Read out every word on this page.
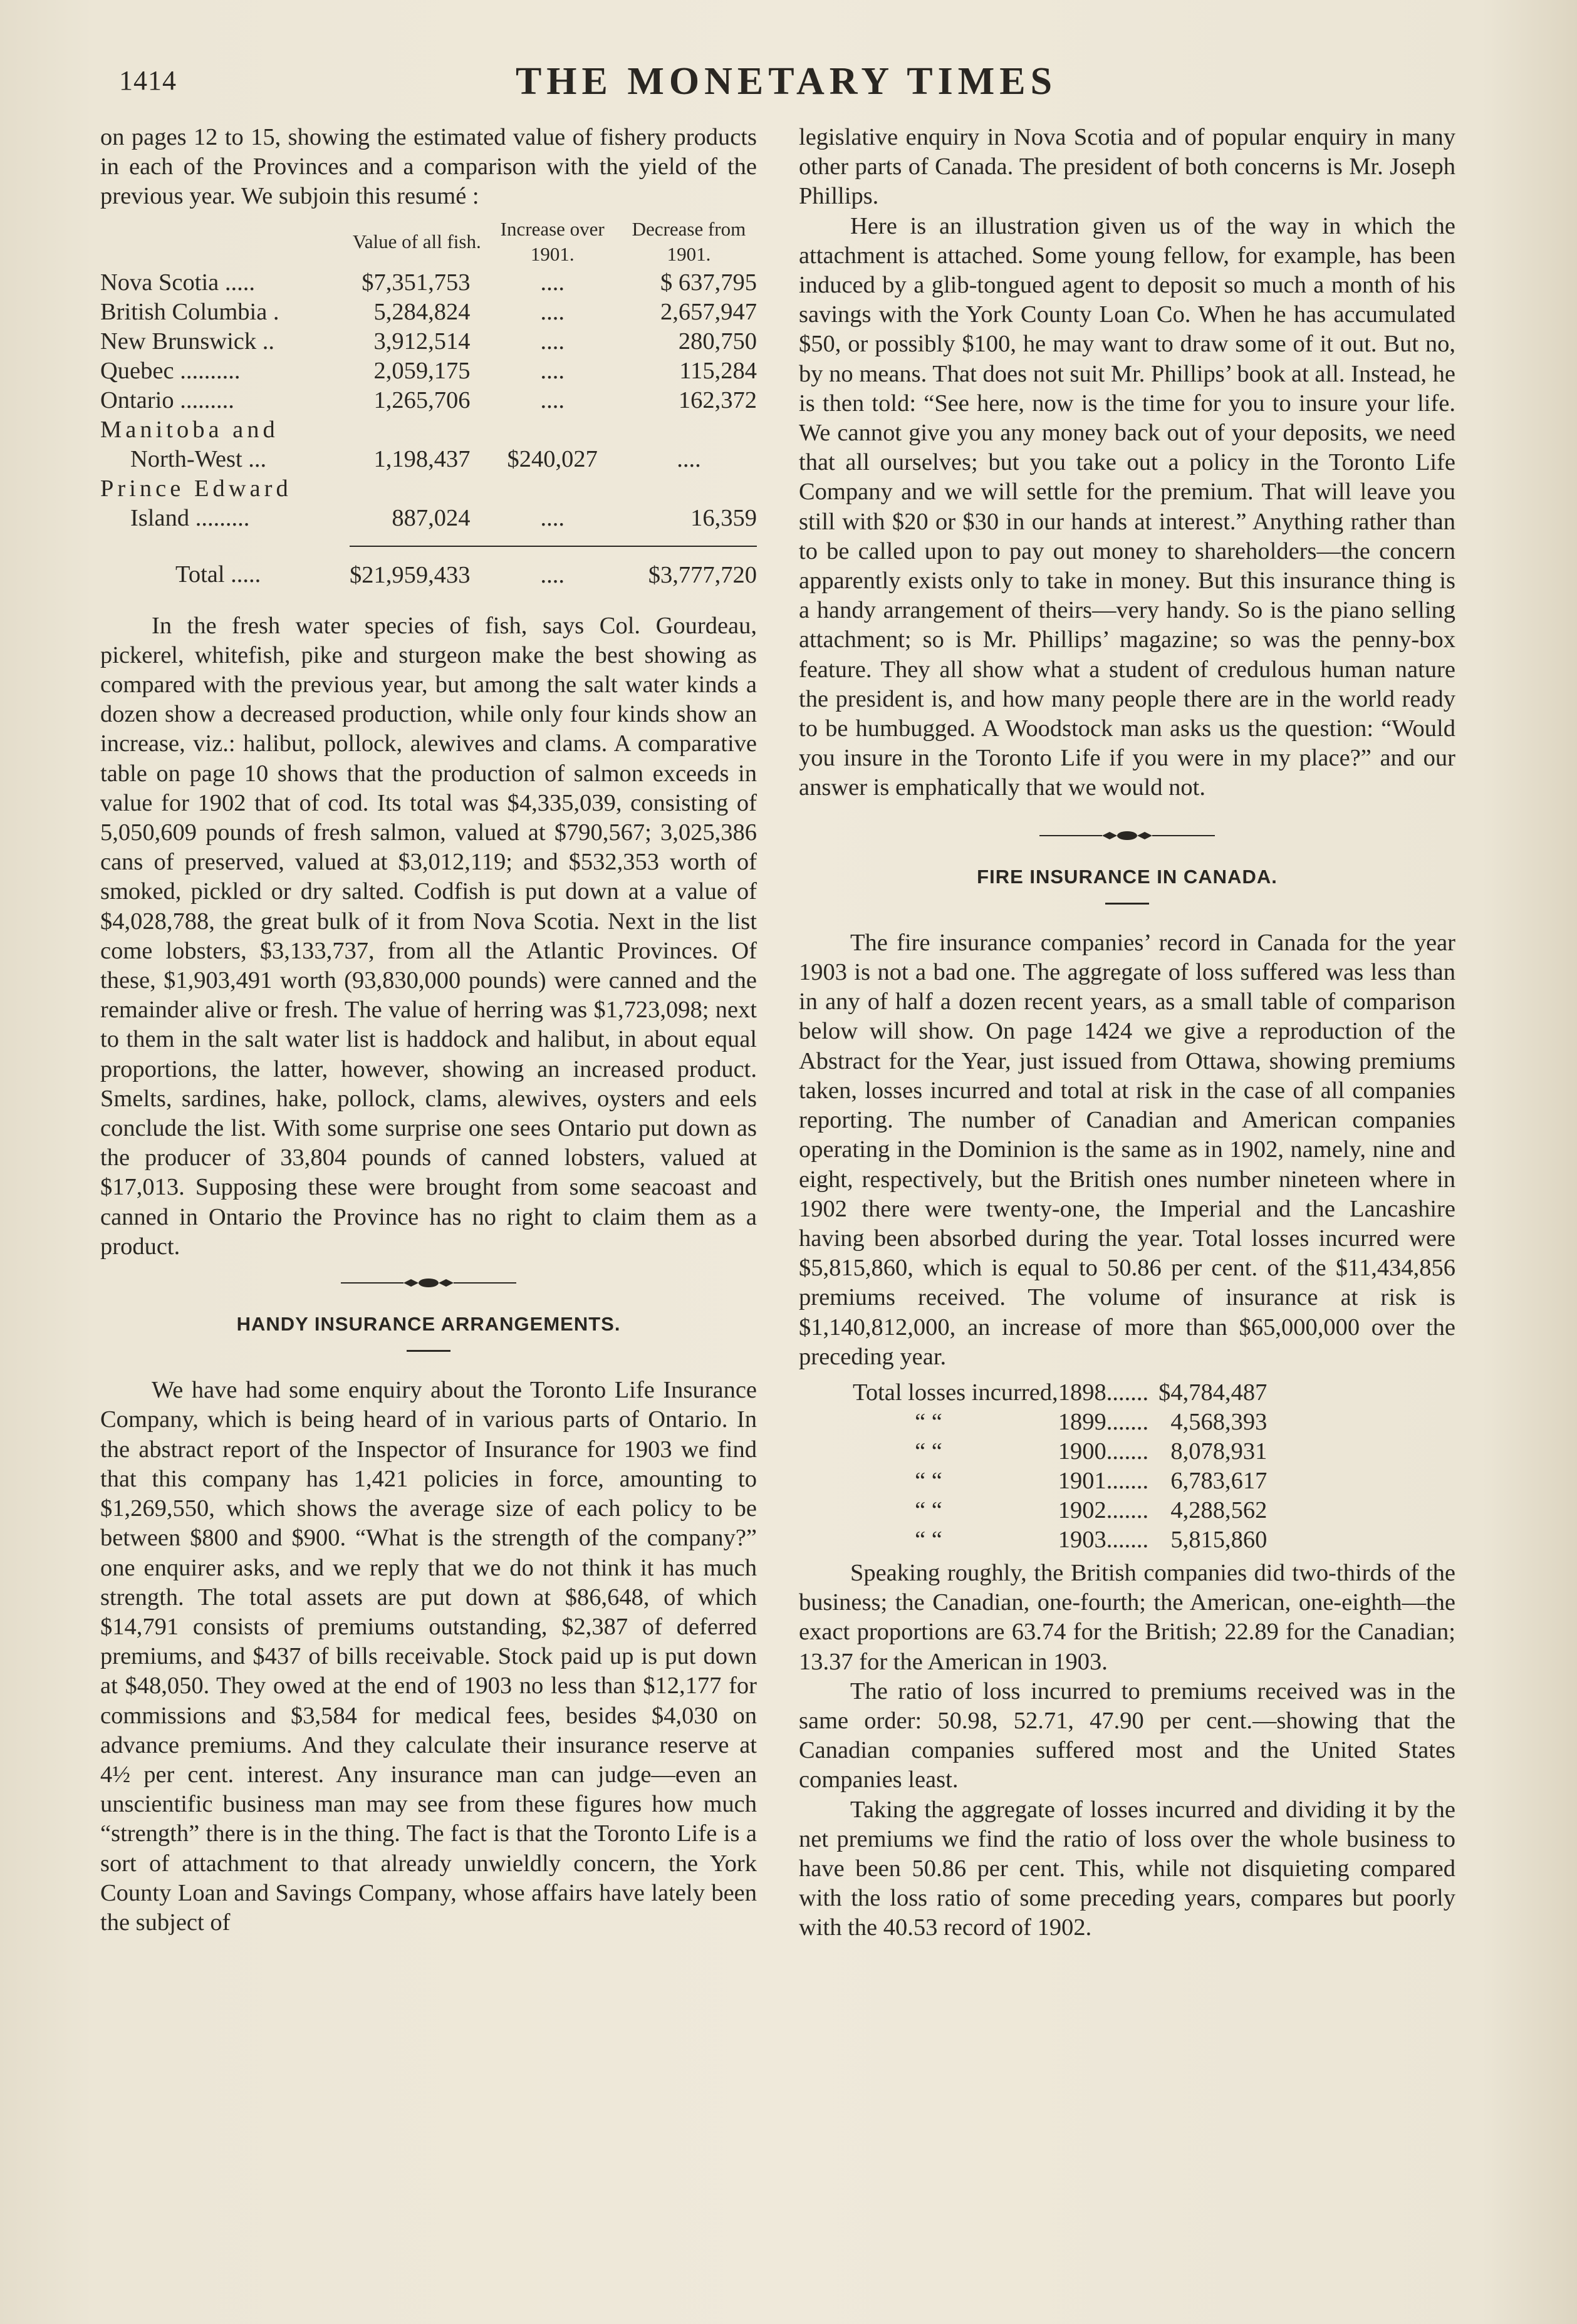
1414	THE MONETARY TIMES

on pages 12 to 15, showing the estimated value of fishery products in each of the Provinces and a comparison with the yield of the previous year. We subjoin this resumé :

	Value of all fish.	Increase over 1901.	Decrease from 1901.
Nova Scotia .....	$7,351,753	....	$ 637,795
British Columbia .	5,284,824	....	2,657,947
New Brunswick ..	3,912,514	....	280,750
Quebec ..........	2,059,175	....	115,284
Ontario .........	1,265,706	....	162,372
Manitoba and			
North-West ...	1,198,437	$240,027	....
Prince Edward			
Island .........	887,024	....	16,359

Total .....	$21,959,433	....	$3,777,720

In the fresh water species of fish, says Col. Gourdeau, pickerel, whitefish, pike and sturgeon make the best showing as compared with the previous year, but among the salt water kinds a dozen show a decreased production, while only four kinds show an increase, viz.: halibut, pollock, alewives and clams. A comparative table on page 10 shows that the production of salmon exceeds in value for 1902 that of cod. Its total was $4,335,039, consisting of 5,050,609 pounds of fresh salmon, valued at $790,567; 3,025,386 cans of preserved, valued at $3,012,119; and $532,353 worth of smoked, pickled or dry salted. Codfish is put down at a value of $4,028,788, the great bulk of it from Nova Scotia. Next in the list come lobsters, $3,133,737, from all the Atlantic Provinces. Of these, $1,903,491 worth (93,830,000 pounds) were canned and the remainder alive or fresh. The value of herring was $1,723,098; next to them in the salt water list is haddock and halibut, in about equal proportions, the latter, however, showing an increased product. Smelts, sardines, hake, pollock, clams, alewives, oysters and eels conclude the list. With some surprise one sees Ontario put down as the producer of 33,804 pounds of canned lobsters, valued at $17,013. Supposing these were brought from some seacoast and canned in Ontario the Province has no right to claim them as a product.

HANDY INSURANCE ARRANGEMENTS.

We have had some enquiry about the Toronto Life Insurance Company, which is being heard of in various parts of Ontario. In the abstract report of the Inspector of Insurance for 1903 we find that this company has 1,421 policies in force, amounting to $1,269,550, which shows the average size of each policy to be between $800 and $900. “What is the strength of the company?” one enquirer asks, and we reply that we do not think it has much strength. The total assets are put down at $86,648, of which $14,791 consists of premiums outstanding, $2,387 of deferred premiums, and $437 of bills receivable. Stock paid up is put down at $48,050. They owed at the end of 1903 no less than $12,177 for commissions and $3,584 for medical fees, besides $4,030 on advance premiums. And they calculate their insurance reserve at 4½ per cent. interest. Any insurance man can judge—even an unscientific business man may see from these figures how much “strength” there is in the thing. The fact is that the Toronto Life is a sort of attachment to that already unwieldly concern, the York County Loan and Savings Company, whose affairs have lately been the subject of

legislative enquiry in Nova Scotia and of popular enquiry in many other parts of Canada. The president of both concerns is Mr. Joseph Phillips.

Here is an illustration given us of the way in which the attachment is attached. Some young fellow, for example, has been induced by a glib-tongued agent to deposit so much a month of his savings with the York County Loan Co. When he has accumulated $50, or possibly $100, he may want to draw some of it out. But no, by no means. That does not suit Mr. Phillips’ book at all. Instead, he is then told: “See here, now is the time for you to insure your life. We cannot give you any money back out of your deposits, we need that all ourselves; but you take out a policy in the Toronto Life Company and we will settle for the premium. That will leave you still with $20 or $30 in our hands at interest.” Anything rather than to be called upon to pay out money to shareholders—the concern apparently exists only to take in money. But this insurance thing is a handy arrangement of theirs—very handy. So is the piano selling attachment; so is Mr. Phillips’ magazine; so was the penny-box feature. They all show what a student of credulous human nature the president is, and how many people there are in the world ready to be humbugged. A Woodstock man asks us the question: “Would you insure in the Toronto Life if you were in my place?” and our answer is emphatically that we would not.

FIRE INSURANCE IN CANADA.

The fire insurance companies’ record in Canada for the year 1903 is not a bad one. The aggregate of loss suffered was less than in any of half a dozen recent years, as a small table of comparison below will show. On page 1424 we give a reproduction of the Abstract for the Year, just issued from Ottawa, showing premiums taken, losses incurred and total at risk in the case of all companies reporting. The number of Canadian and American companies operating in the Dominion is the same as in 1902, namely, nine and eight, respectively, but the British ones number nineteen where in 1902 there were twenty-one, the Imperial and the Lancashire having been absorbed during the year. Total losses incurred were $5,815,860, which is equal to 50.86 per cent. of the $11,434,856 premiums received. The volume of insurance at risk is $1,140,812,000, an increase of more than $65,000,000 over the preceding year.

Total losses incurred,	1898	.......	$4,784,487
“ “	1899	.......	4,568,393
“ “	1900	.......	8,078,931
“ “	1901	.......	6,783,617
“ “	1902	.......	4,288,562
“ “	1903	.......	5,815,860

Speaking roughly, the British companies did two-thirds of the business; the Canadian, one-fourth; the American, one-eighth—the exact proportions are 63.74 for the British; 22.89 for the Canadian; 13.37 for the American in 1903.

The ratio of loss incurred to premiums received was in the same order: 50.98, 52.71, 47.90 per cent.—showing that the Canadian companies suffered most and the United States companies least.

Taking the aggregate of losses incurred and dividing it by the net premiums we find the ratio of loss over the whole business to have been 50.86 per cent. This, while not disquieting compared with the loss ratio of some preceding years, compares but poorly with the 40.53 record of 1902.
